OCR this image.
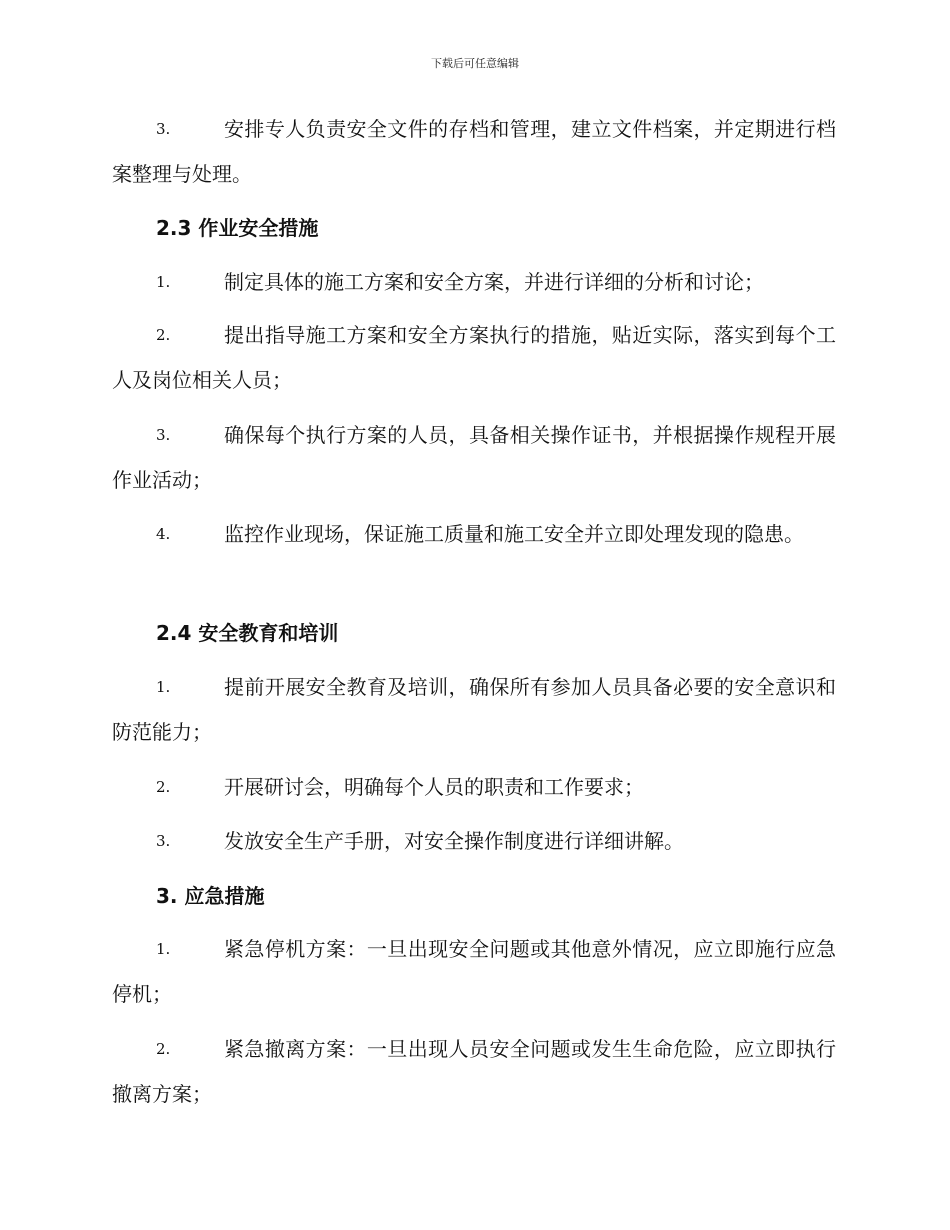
下载后可任意编辑
3.	安排专人负责安全文件的存档和管理，建立文件档案，并定期进行档案整理与处理。
2.3 作业安全措施
1.	制定具体的施工方案和安全方案，并进行详细的分析和讨论；
2.	提出指导施工方案和安全方案执行的措施，贴近实际，落实到每个工人及岗位相关人员；
3.	确保每个执行方案的人员，具备相关操作证书，并根据操作规程开展作业活动；
4.	监控作业现场，保证施工质量和施工安全并立即处理发现的隐患。
2.4 安全教育和培训
1.	提前开展安全教育及培训，确保所有参加人员具备必要的安全意识和防范能力；
2.	开展研讨会，明确每个人员的职责和工作要求；
3.	发放安全生产手册，对安全操作制度进行详细讲解。
3. 应急措施
1.	紧急停机方案：一旦出现安全问题或其他意外情况，应立即施行应急停机；
2.	紧急撤离方案：一旦出现人员安全问题或发生生命危险，应立即执行撤离方案；
